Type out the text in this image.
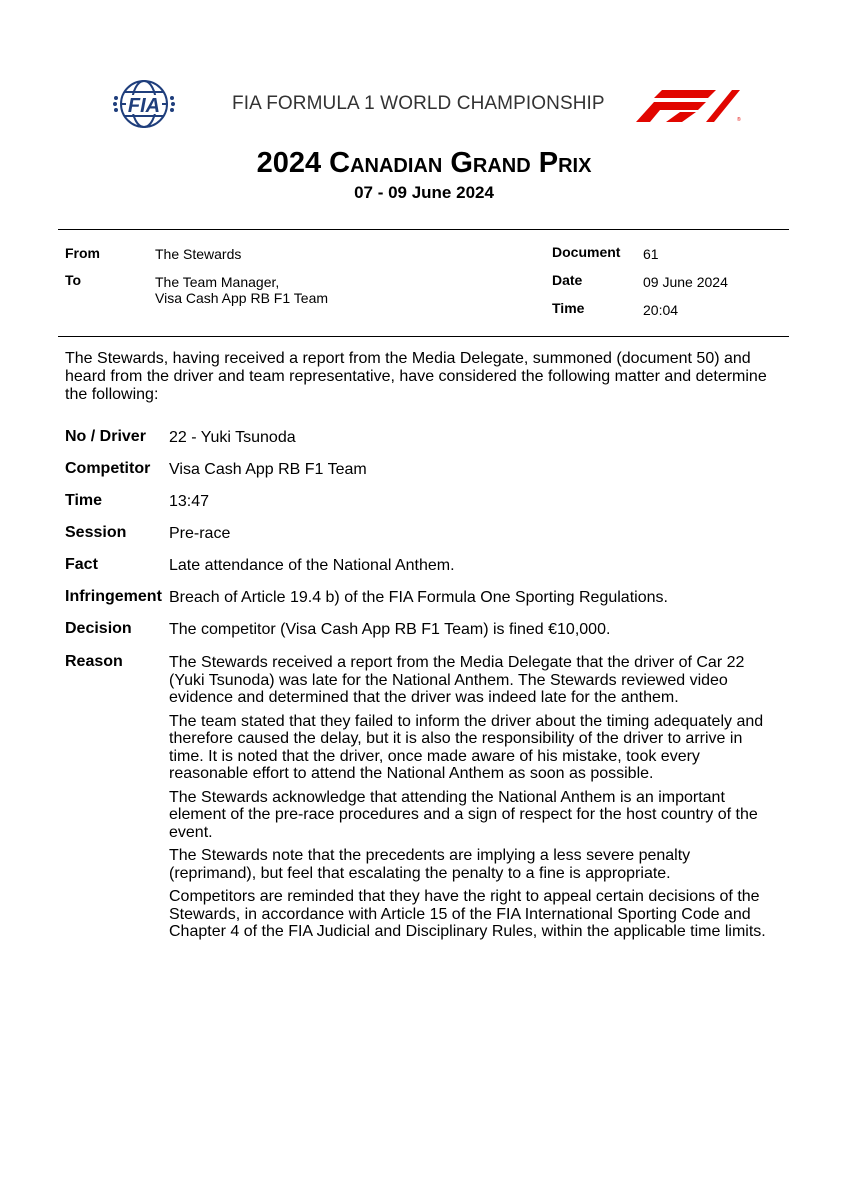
FIA	FIA FORMULA 1 WORLD CHAMPIONSHIP
®
2024 Canadian Grand Prix
07 - 09 June 2024
From	The Stewards
To	The Team Manager,
Visa Cash App RB F1 Team
Document 61
Date	09 June 2024
Time	20:04
The Stewards, having received a report from the Media Delegate, summoned (document 50) and heard from the driver and team representative, have considered the following matter and determine the following:
No / Driver 22 - Yuki Tsunoda
Competitor Visa Cash App RB F1 Team
Time	13:47
Session	Pre-race
Fact	Late attendance of the National Anthem.
Infringement Breach of Article 19.4 b) of the FIA Formula One Sporting Regulations.
Decision The competitor (Visa Cash App RB F1 Team) is fined €10,000.
Reason	The Stewards received a report from the Media Delegate that the driver of Car 22 (Yuki Tsunoda) was late for the National Anthem. The Stewards reviewed video evidence and determined that the driver was indeed late for the anthem.

The team stated that they failed to inform the driver about the timing adequately and therefore caused the delay, but it is also the responsibility of the driver to arrive in time. It is noted that the driver, once made aware of his mistake, took every reasonable effort to attend the National Anthem as soon as possible.

The Stewards acknowledge that attending the National Anthem is an important element of the pre-race procedures and a sign of respect for the host country of the event.

The Stewards note that the precedents are implying a less severe penalty (reprimand), but feel that escalating the penalty to a fine is appropriate.

Competitors are reminded that they have the right to appeal certain decisions of the Stewards, in accordance with Article 15 of the FIA International Sporting Code and Chapter 4 of the FIA Judicial and Disciplinary Rules, within the applicable time limits.
